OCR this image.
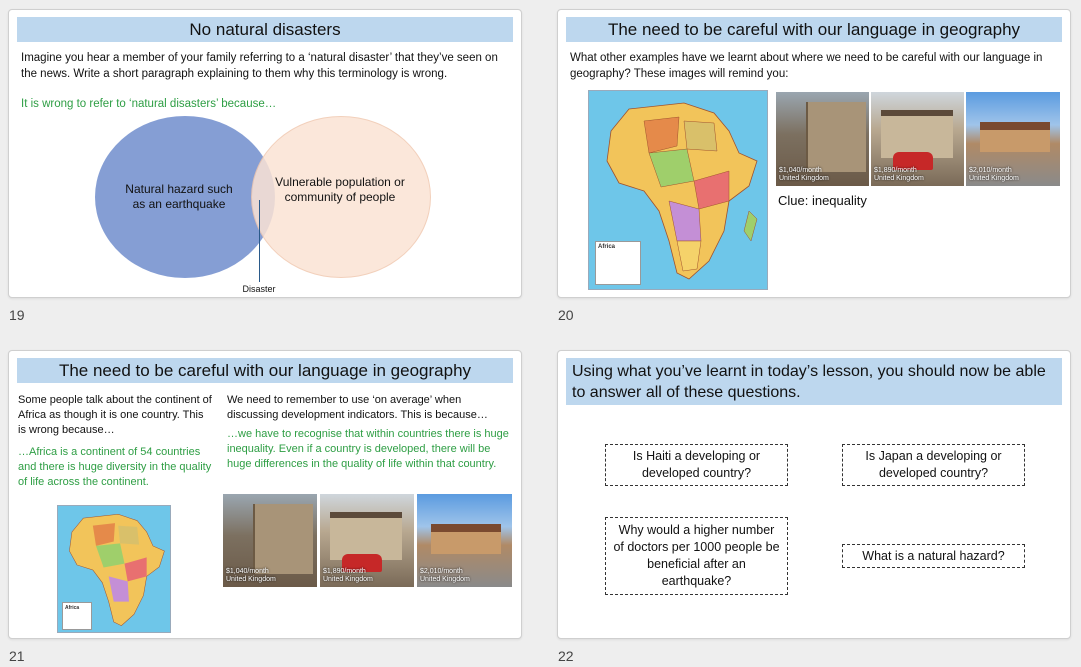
No natural disasters
Imagine you hear a member of your family referring to a ‘natural disaster’ that they’ve seen on the news. Write a short paragraph explaining to them why this terminology is wrong.
It is wrong to refer to ‘natural disasters’ because…
Natural hazard such as an earthquake
Vulnerable population or community of people
Disaster
19
The need to be careful with our language in geography
What other examples have we learnt about where we need to be careful with our language in geography? These images will remind you:
Africa
$1,040/month
United Kingdom
$1,890/month
United Kingdom
$2,010/month
United Kingdom
Clue: inequality
20
The need to be careful with our language in geography
Some people talk about the continent of Africa as though it is one country. This is wrong because…
…Africa is a continent of 54 countries and there is huge diversity in the quality of life across the continent.
Africa
We need to remember to use ‘on average’ when discussing development indicators. This is because…
…we have to recognise that within countries there is huge inequality. Even if a country is developed, there will be huge differences in the quality of life within that country.
$1,040/month
United Kingdom
$1,890/month
United Kingdom
$2,010/month
United Kingdom
21
Using what you’ve learnt in today’s lesson, you should now be able to answer all of these questions.
Is Haiti a developing or developed country?
Is Japan a developing or developed country?
Why would a higher number of doctors per 1000 people be beneficial after an earthquake?
What is a natural hazard?
22
